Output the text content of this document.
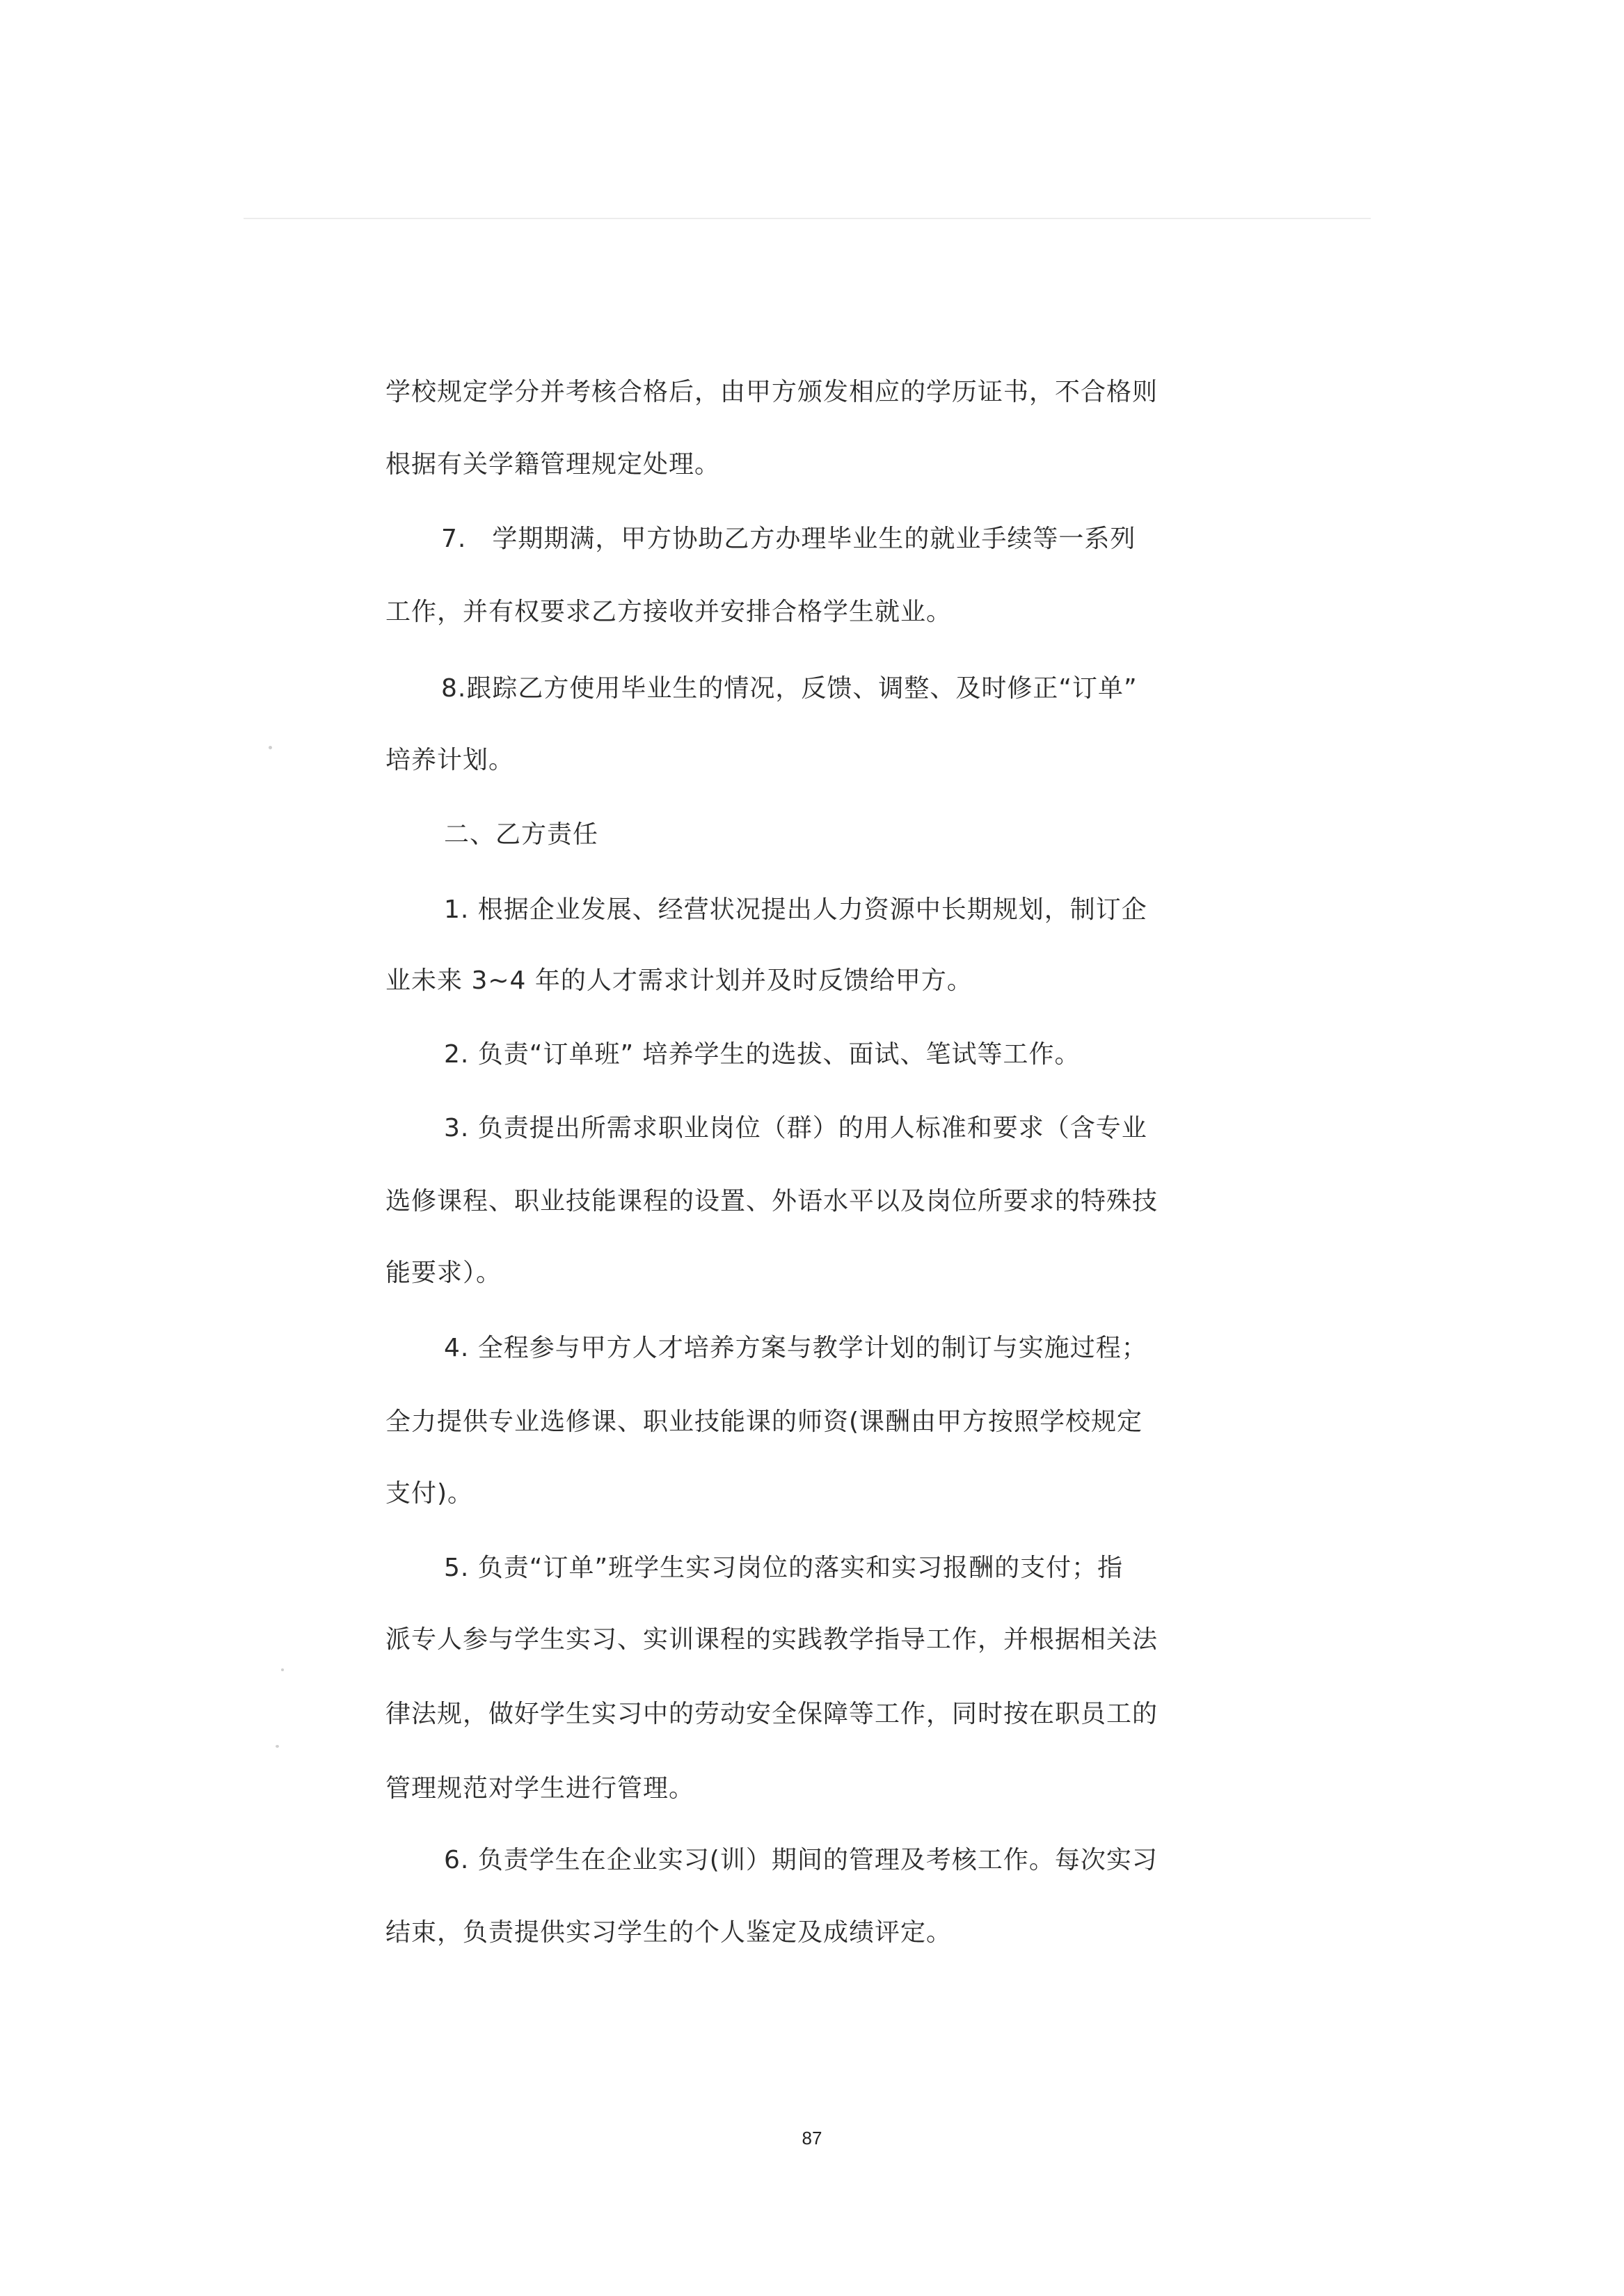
学校规定学分并考核合格后，由甲方颁发相应的学历证书，不合格则
根据有关学籍管理规定处理。
7.　学期期满，甲方协助乙方办理毕业生的就业手续等一系列
工作，并有权要求乙方接收并安排合格学生就业。
8.跟踪乙方使用毕业生的情况，反馈、调整、及时修正“订单”
培养计划。
二、乙方责任
1. 根据企业发展、经营状况提出人力资源中长期规划，制订企
业未来 3~4 年的人才需求计划并及时反馈给甲方。
2. 负责“订单班” 培养学生的选拔、面试、笔试等工作。
3. 负责提出所需求职业岗位（群）的用人标准和要求（含专业
选修课程、职业技能课程的设置、外语水平以及岗位所要求的特殊技
能要求）。
4. 全程参与甲方人才培养方案与教学计划的制订与实施过程；
全力提供专业选修课、职业技能课的师资(课酬由甲方按照学校规定
支付)。
5. 负责“订单”班学生实习岗位的落实和实习报酬的支付；指
派专人参与学生实习、实训课程的实践教学指导工作，并根据相关法
律法规，做好学生实习中的劳动安全保障等工作，同时按在职员工的
管理规范对学生进行管理。
6. 负责学生在企业实习(训）期间的管理及考核工作。每次实习
结束，负责提供实习学生的个人鉴定及成绩评定。
87
